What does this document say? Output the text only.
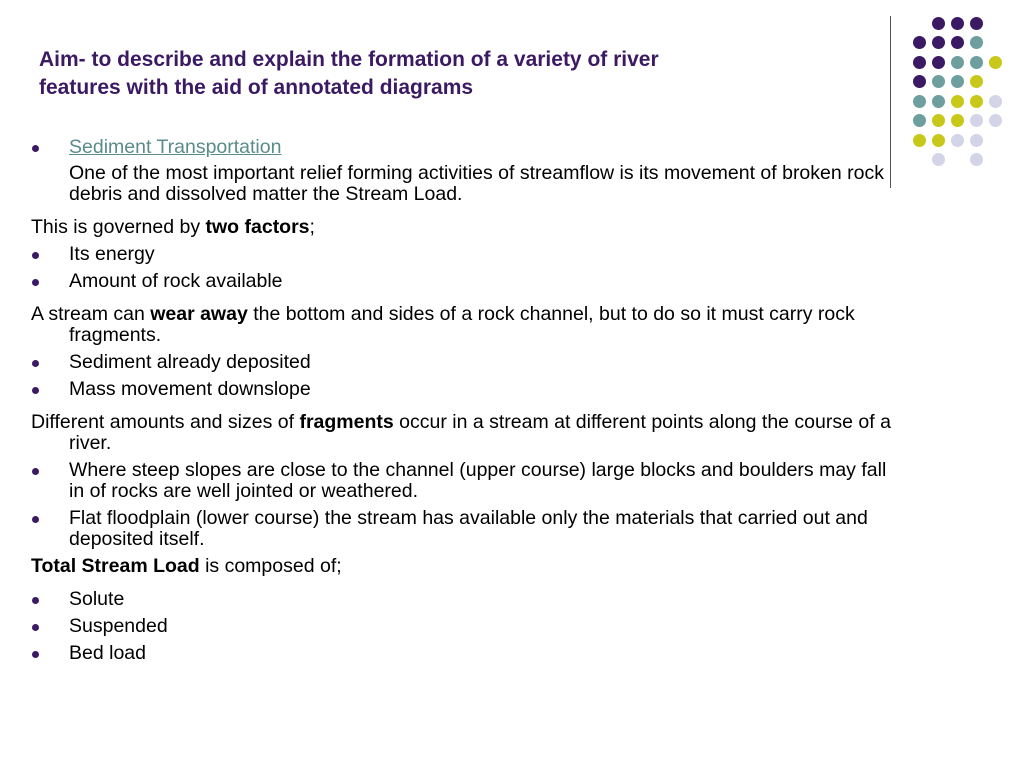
Aim- to describe and explain the formation of a variety of river
features with the aid of annotated diagrams
Sediment Transportation
One of the most important relief forming activities of streamflow is its movement of broken rock debris and dissolved matter the Stream Load.
This is governed by two factors;
Its energy
Amount of rock available
A stream can wear away the bottom and sides of a rock channel, but to do so it must carry rock fragments.
Sediment already deposited
Mass movement downslope
Different amounts and sizes of fragments occur in a stream at different points along the course of a river.
Where steep slopes are close to the channel (upper course) large blocks and boulders may fall in of rocks are well jointed or weathered.
Flat floodplain (lower course) the stream has available only the materials that carried out and deposited itself.
Total Stream Load is composed of;
Solute
Suspended
Bed load
